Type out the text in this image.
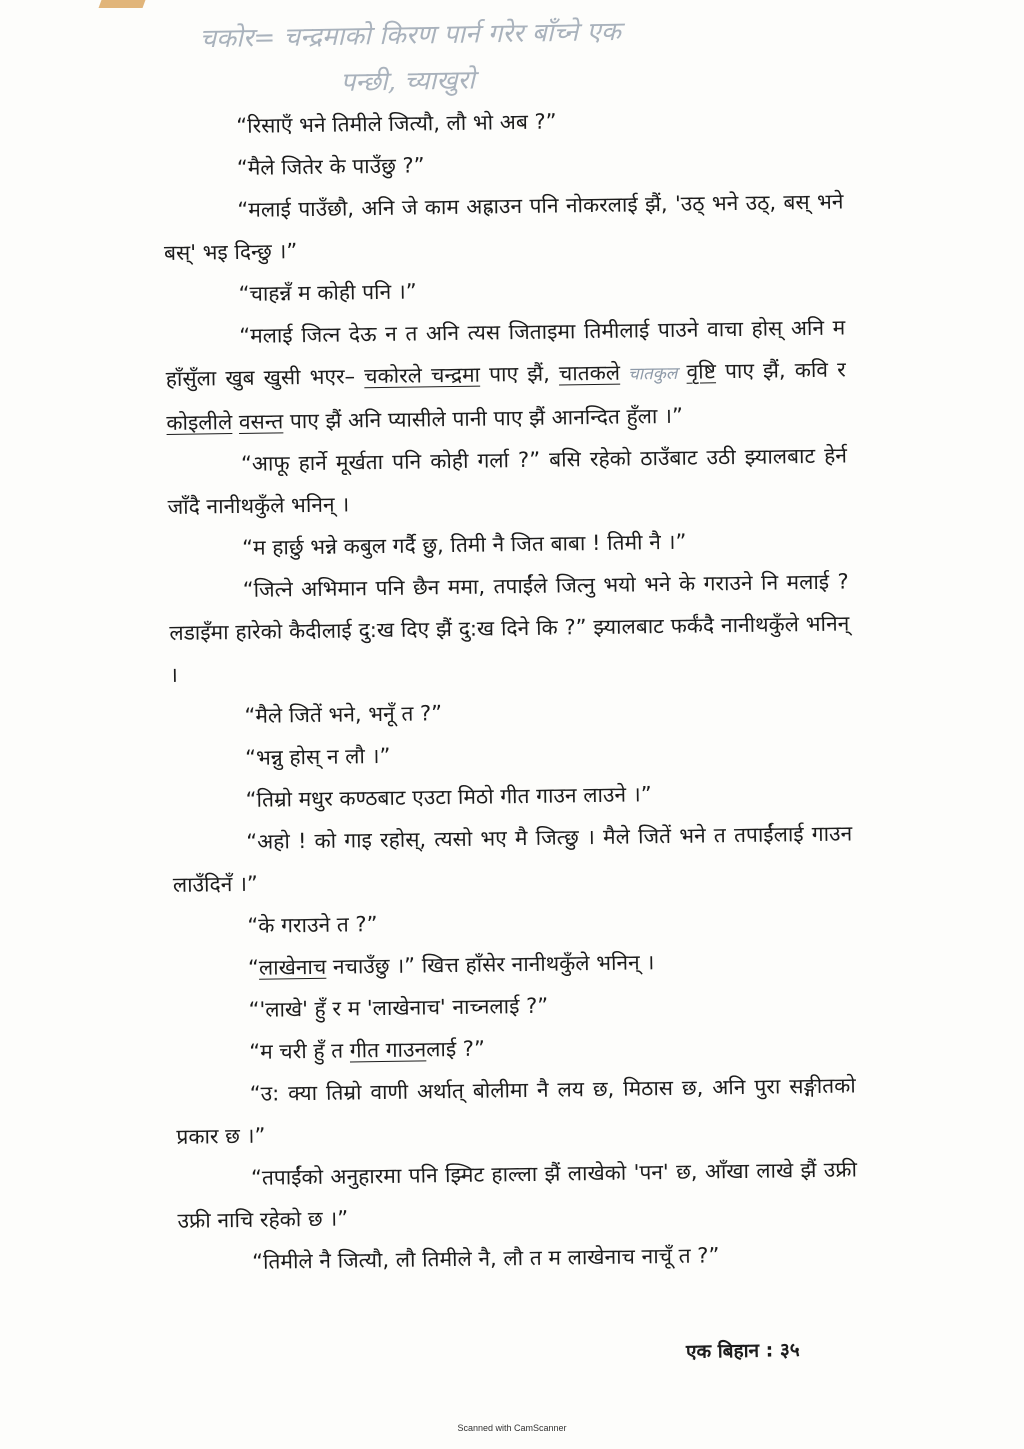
चकोर= चन्द्रमाको किरण पार्न गरेर बाँच्ने एक
पन्छी, च्याखुरो

“रिसाएँ भने तिमीले जित्यौ, लौ भो अब ?”

“मैले जितेर के पाउँछु ?”

“मलाई पाउँछौ, अनि जे काम अह्राउन पनि नोकरलाई झैं, 'उठ् भने उठ्, बस् भने बस्' भइ दिन्छु ।”

“चाहन्नँ म कोही पनि ।”

“मलाई जित्न देऊ न त अनि त्यस जिताइमा तिमीलाई पाउने वाचा होस् अनि म हाँसुँला खुब खुसी भएर– चकोरले चन्द्रमा पाए झैं, चातकले चातकुल वृष्टि पाए झैं, कवि र कोइलीले वसन्त पाए झैं अनि प्यासीले पानी पाए झैं आनन्दित हुँला ।”

“आफू हार्ने मूर्खता पनि कोही गर्ला ?” बसि रहेको ठाउँबाट उठी झ्यालबाट हेर्न जाँदै नानीथकुँले भनिन् ।

“म हार्छु भन्ने कबुल गर्दै छु, तिमी नै जित बाबा ! तिमी नै ।”

“जित्ने अभिमान पनि छैन ममा, तपाईंले जित्नु भयो भने के गराउने नि मलाई ? लडाइँमा हारेको कैदीलाई दु:ख दिए झैं दु:ख दिने कि ?” झ्यालबाट फर्कंदै नानीथकुँले भनिन् ।

“मैले जितें भने, भनूँ त ?”

“भन्नु होस् न लौ ।”

“तिम्रो मधुर कण्ठबाट एउटा मिठो गीत गाउन लाउने ।”

“अहो ! को गाइ रहोस्, त्यसो भए मै जित्छु । मैले जितें भने त तपाईंलाई गाउन लाउँदिनँ ।”

“के गराउने त ?”

“लाखेनाच नचाउँछु ।” खित्त हाँसेर नानीथकुँले भनिन् ।

“'लाखे' हुँ र म 'लाखेनाच' नाच्नलाई ?”

“म चरी हुँ त गीत गाउनलाई ?”

“उ: क्या तिम्रो वाणी अर्थात् बोलीमा नै लय छ, मिठास छ, अनि पुरा सङ्गीतको प्रकार छ ।”

“तपाईंको अनुहारमा पनि झ्मिट हाल्ला झैं लाखेको 'पन' छ, आँखा लाखे झैं उफ्री उफ्री नाचि रहेको छ ।”

“तिमीले नै जित्यौ, लौ तिमीले नै, लौ त म लाखेनाच नाचूँ त ?”

एक बिहान : ३५
Scanned with CamScanner
